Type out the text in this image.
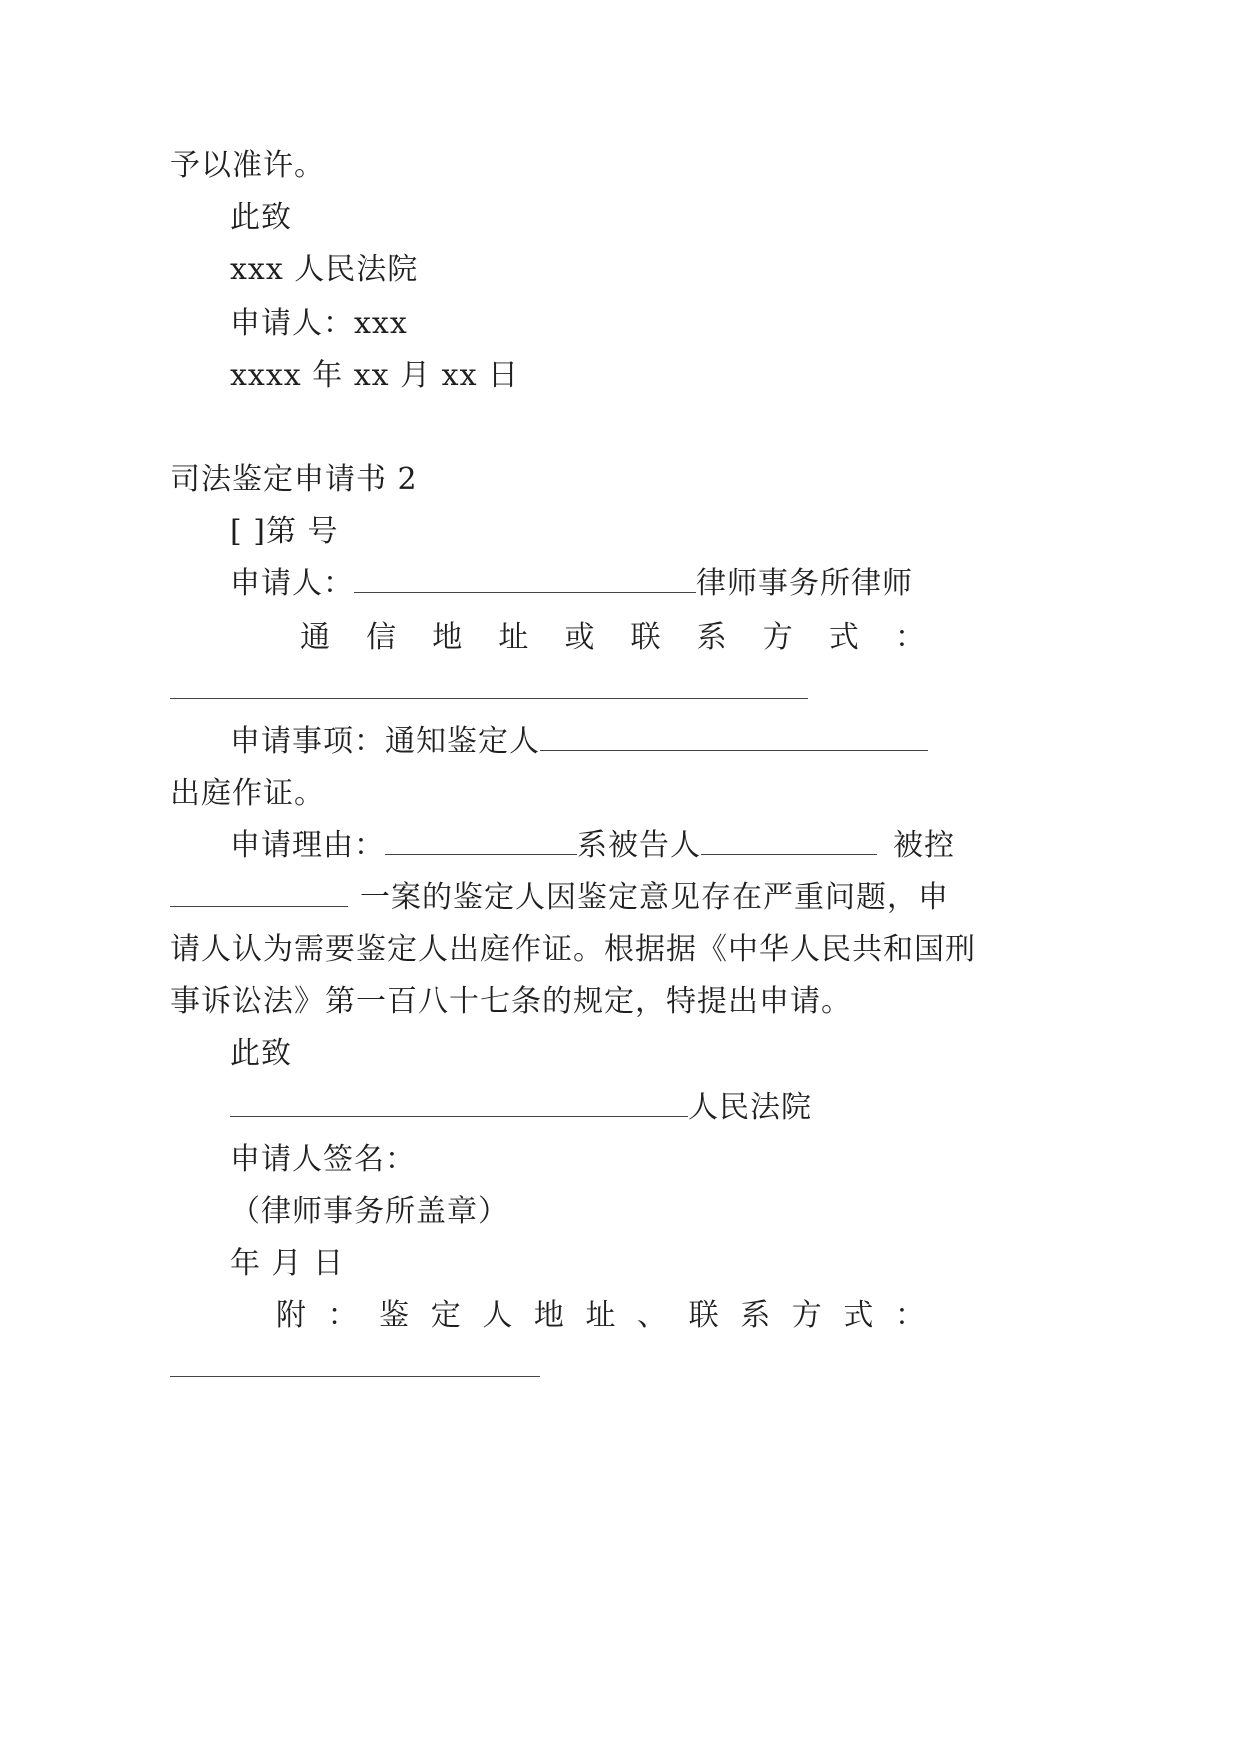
予以准许。
此致
xxx 人民法院
申请人：xxx
xxxx 年 xx 月 xx 日
司法鉴定申请书 2
[ ]第 号
申请人：	律师事务所律师
通 信 地 址 或 联 系 方 式 ：
申请事项：通知鉴定人
出庭作证。
申请理由：	系被告人	被控
一案的鉴定人因鉴定意见存在严重问题，申
请人认为需要鉴定人出庭作证。根据据《中华人民共和国刑
事诉讼法》第一百八十七条的规定，特提出申请。
此致
人民法院
申请人签名：
（律师事务所盖章）
年 月 日
附 ： 鉴 定 人 地 址 、 联 系 方 式 ：
